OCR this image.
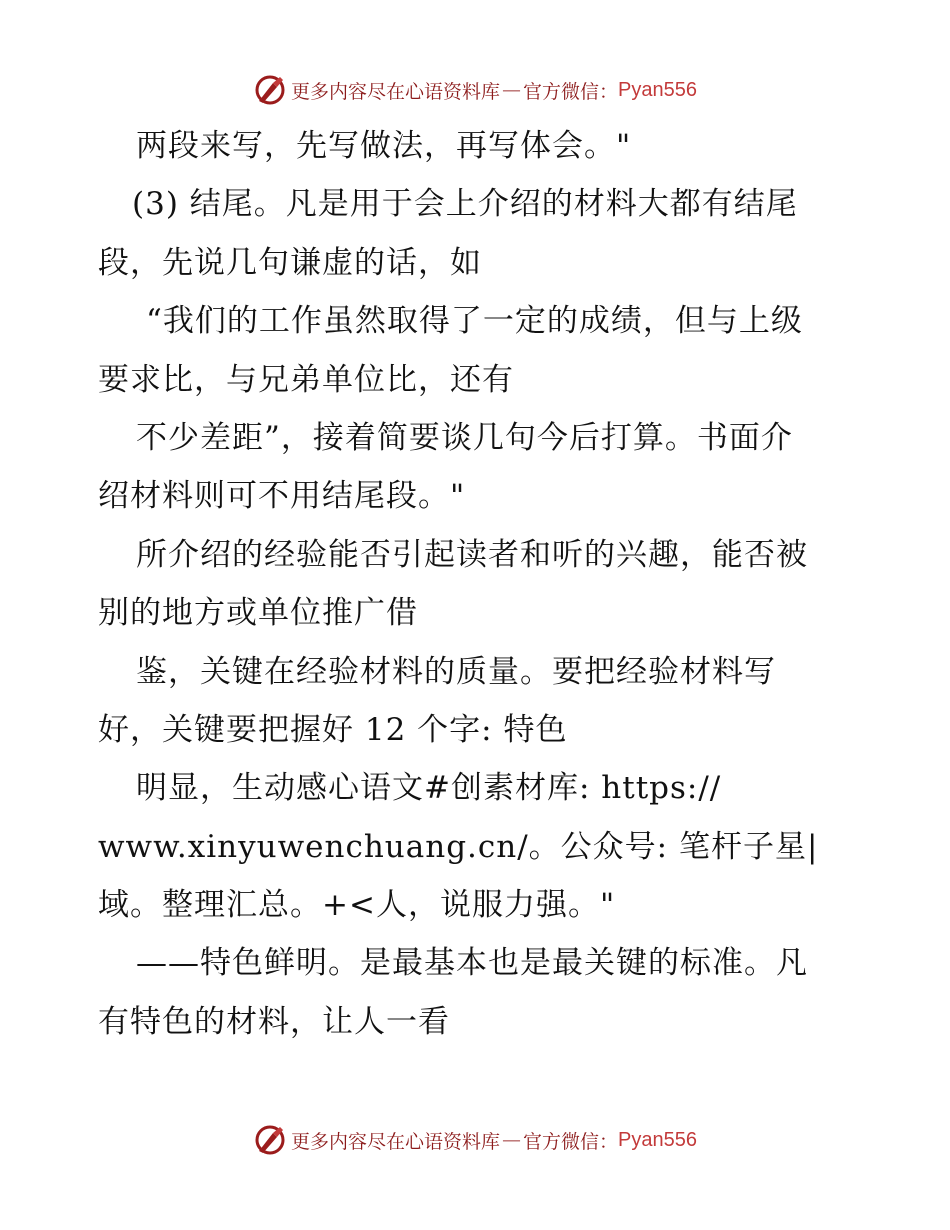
更多内容尽在心语资料库 — 官方微信： Pyan556
两段来写，先写做法，再写体会。"
(3) 结尾。凡是用于会上介绍的材料大都有结尾
段，先说几句谦虚的话，如
“我们的工作虽然取得了一定的成绩，但与上级
要求比，与兄弟单位比，还有
不少差距”，接着简要谈几句今后打算。书面介
绍材料则可不用结尾段。"
所介绍的经验能否引起读者和听的兴趣，能否被
别的地方或单位推广借
鉴，关键在经验材料的质量。要把经验材料写
好，关键要把握好 12 个字: 特色
明显，生动感心语文#创素材库: https://
www.xinyuwenchuang.cn/。公众号: 笔杆子星|
域。整理汇总。+<人，说服力强。"
——特色鲜明。是最基本也是最关键的标准。凡
有特色的材料，让人一看
更多内容尽在心语资料库 — 官方微信： Pyan556
